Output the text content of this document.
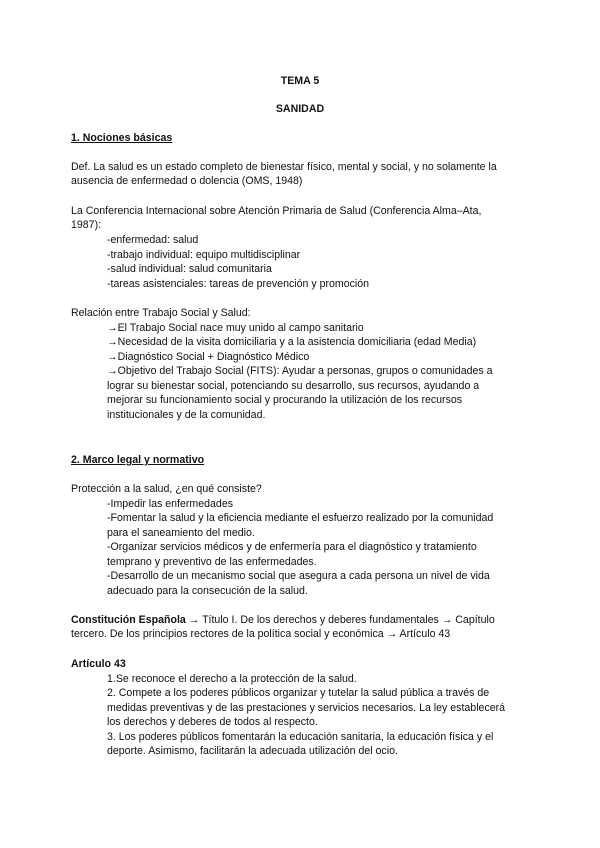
TEMA 5
SANIDAD
1. Nociones básicas
Def. La salud es un estado completo de bienestar físico, mental y social, y no solamente la
ausencia de enfermedad o dolencia (OMS, 1948)
La Conferencia Internacional sobre Atención Primaria de Salud (Conferencia Alma–Ata,
1987):
-enfermedad: salud
-trabajo individual: equipo multidisciplinar
-salud individual: salud comunitaria
-tareas asistenciales: tareas de prevención y promoción
Relación entre Trabajo Social y Salud:
→El Trabajo Social nace muy unido al campo sanitario
→Necesidad de la visita domiciliaria y a la asistencia domiciliaria (edad Media)
→Diagnóstico Social + Diagnóstico Médico
→Objetivo del Trabajo Social (FITS): Ayudar a personas, grupos o comunidades a
lograr su bienestar social, potenciando su desarrollo, sus recursos, ayudando a
mejorar su funcionamiento social y procurando la utilización de los recursos
institucionales y de la comunidad.
2. Marco legal y normativo
Protección a la salud, ¿en qué consiste?
-Impedir las enfermedades
-Fomentar la salud y la eficiencia mediante el esfuerzo realizado por la comunidad
para el saneamiento del medio.
-Organizar servicios médicos y de enfermería para el diagnóstico y tratamiento
temprano y preventivo de las enfermedades.
-Desarrollo de un mecanismo social que asegura a cada persona un nivel de vida
adecuado para la consecución de la salud.
Constitución Española → Título I. De los derechos y deberes fundamentales → Capítulo
tercero. De los principios rectores de la política social y económica → Artículo 43
Artículo 43
1.Se reconoce el derecho a la protección de la salud.
2. Compete a los poderes públicos organizar y tutelar la salud pública a través de
medidas preventivas y de las prestaciones y servicios necesarios. La ley establecerá
los derechos y deberes de todos al respecto.
3. Los poderes públicos fomentarán la educación sanitaria, la educación física y el
deporte. Asimismo, facilitarán la adecuada utilización del ocio.
